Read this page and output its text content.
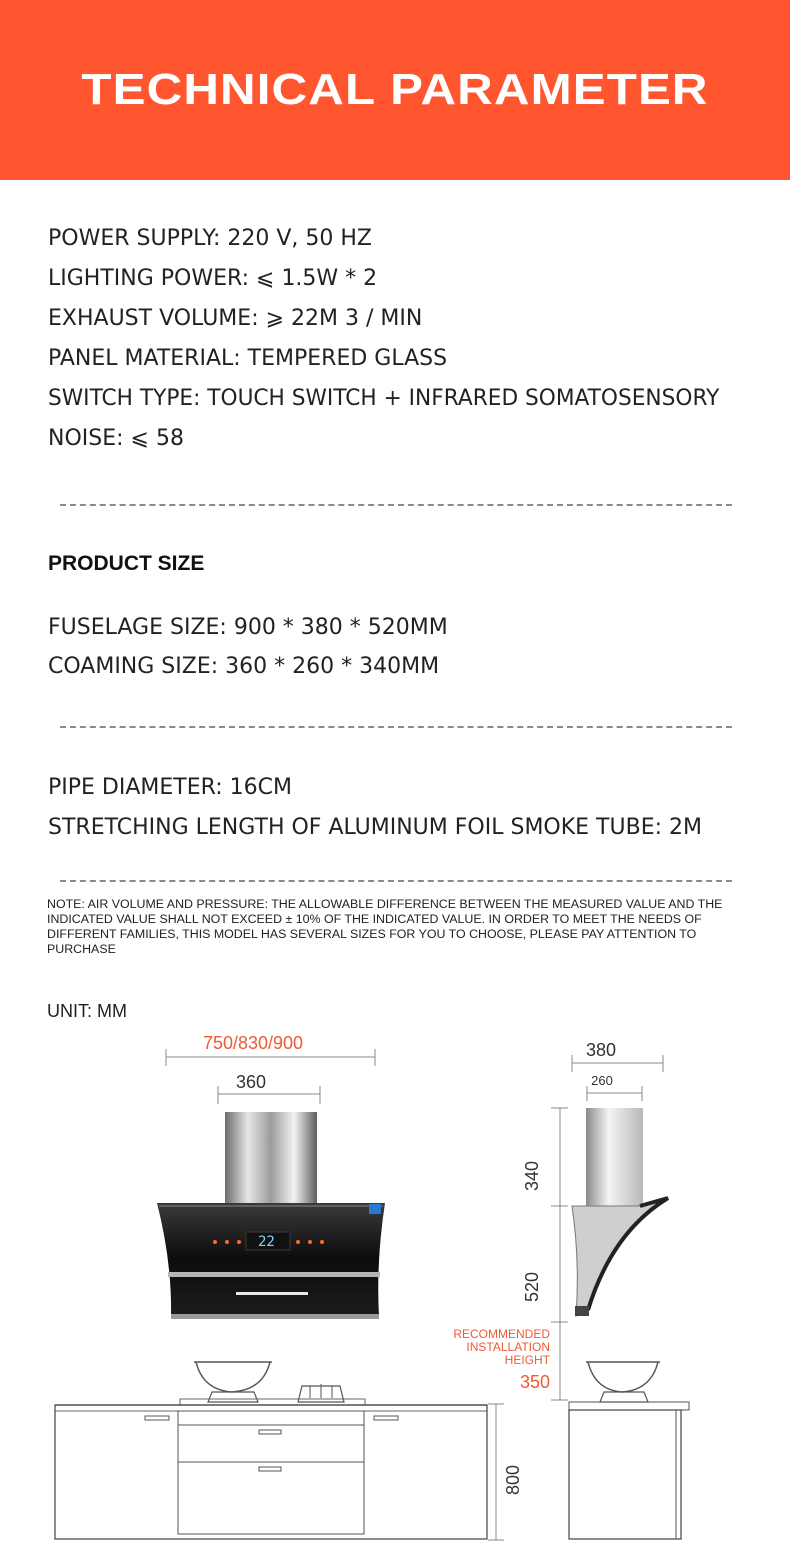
TECHNICAL PARAMETER

POWER SUPPLY: 220 V, 50 HZ

LIGHTING POWER: ⩽ 1.5W * 2

EXHAUST VOLUME: ⩾ 22M 3 / MIN

PANEL MATERIAL: TEMPERED GLASS

SWITCH TYPE: TOUCH SWITCH + INFRARED SOMATOSENSORY

NOISE: ⩽ 58

PRODUCT SIZE

FUSELAGE SIZE: 900 * 380 * 520MM

COAMING SIZE: 360 * 260 * 340MM

PIPE DIAMETER: 16CM

STRETCHING LENGTH OF ALUMINUM FOIL SMOKE TUBE: 2M

NOTE: AIR VOLUME AND PRESSURE: THE ALLOWABLE DIFFERENCE BETWEEN THE MEASURED VALUE AND THE INDICATED VALUE SHALL NOT EXCEED ± 10% OF THE INDICATED VALUE. IN ORDER TO MEET THE NEEDS OF DIFFERENT FAMILIES, THIS MODEL HAS SEVERAL SIZES FOR YOU TO CHOOSE, PLEASE PAY ATTENTION TO PURCHASE

UNIT: MM

750/830/900
360
22
380
260
340
520
RECOMMENDED
INSTALLATION
HEIGHT
350
800
